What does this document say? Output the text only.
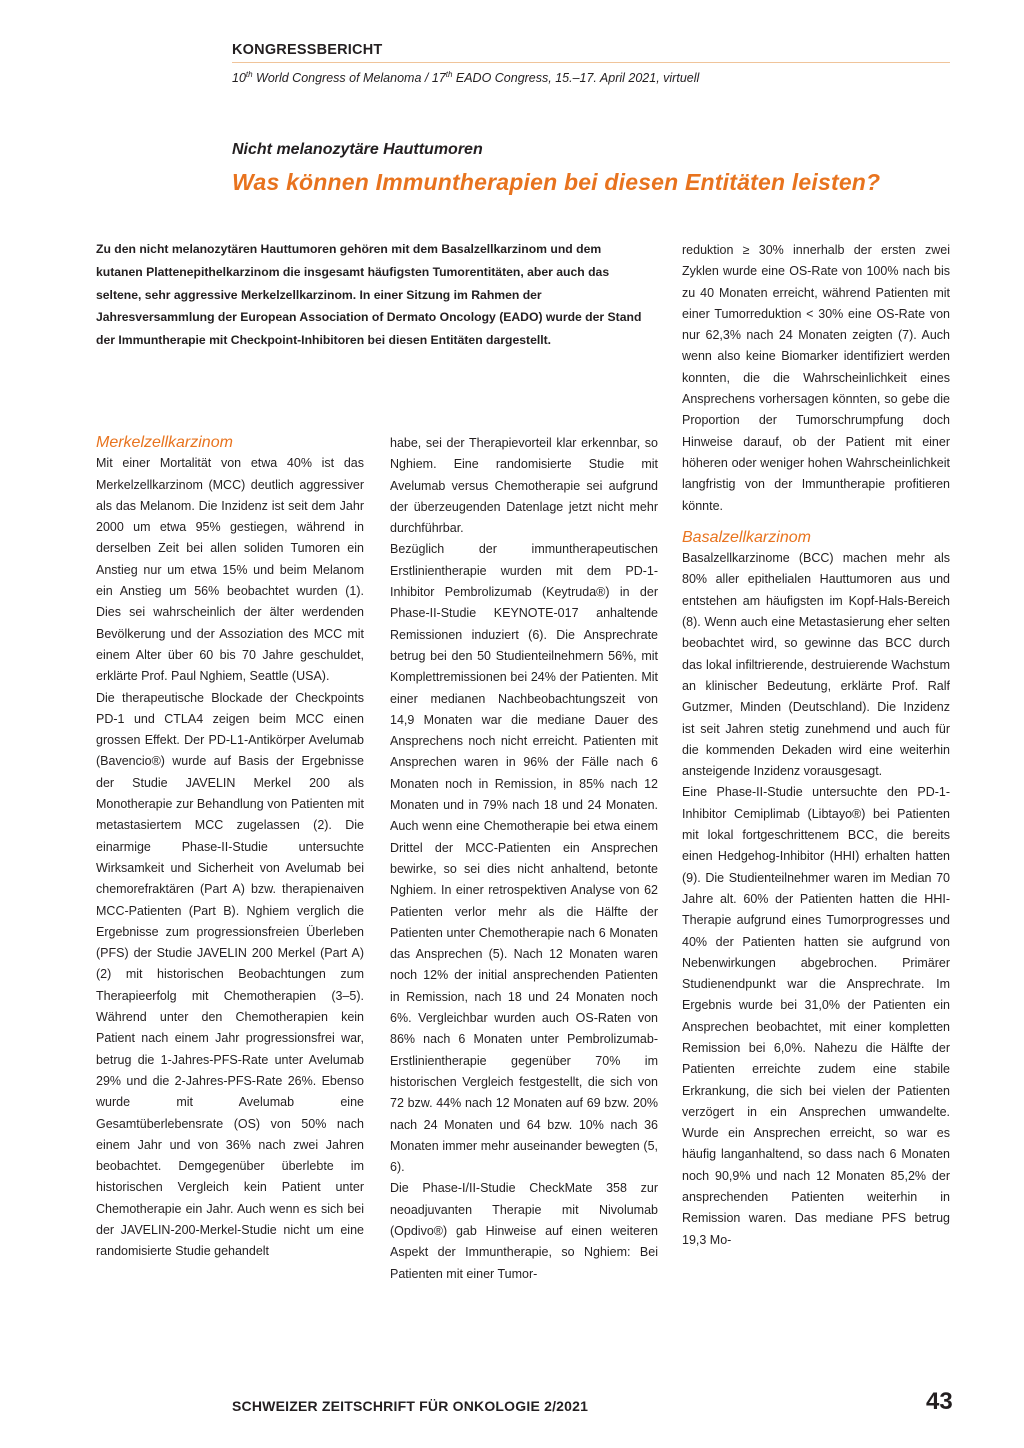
KONGRESSBERICHT
10th World Congress of Melanoma / 17th EADO Congress, 15.–17. April 2021, virtuell
Nicht melanozytäre Hauttumoren
Was können Immuntherapien bei diesen Entitäten leisten?

Zu den nicht melanozytären Hauttumoren gehören mit dem Basalzellkarzinom und dem kutanen Plattenepithelkarzinom die insgesamt häufigsten Tumorentitäten, aber auch das seltene, sehr aggressive Merkelzellkarzinom. In einer Sitzung im Rahmen der Jahresversammlung der European Association of Dermato Oncology (EADO) wurde der Stand der Immuntherapie mit Checkpoint-Inhibitoren bei diesen Entitäten dargestellt.

Merkelzellkarzinom

Mit einer Mortalität von etwa 40% ist das Merkelzellkarzinom (MCC) deutlich aggressiver als das Melanom. Die Inzidenz ist seit dem Jahr 2000 um etwa 95% gestiegen, während in derselben Zeit bei allen soliden Tumoren ein Anstieg nur um etwa 15% und beim Melanom ein Anstieg um 56% beobachtet wurden (1). Dies sei wahrscheinlich der älter werdenden Bevölkerung und der Assoziation des MCC mit einem Alter über 60 bis 70 Jahre geschuldet, erklärte Prof. Paul Nghiem, Seattle (USA).

Die therapeutische Blockade der Checkpoints PD-1 und CTLA4 zeigen beim MCC einen grossen Effekt. Der PD-L1-Antikörper Avelumab (Bavencio®) wurde auf Basis der Ergebnisse der Studie JAVELIN Merkel 200 als Monotherapie zur Behandlung von Patienten mit metastasiertem MCC zugelassen (2). Die einarmige Phase-II-Studie untersuchte Wirksamkeit und Sicherheit von Avelumab bei chemorefraktären (Part A) bzw. therapienaiven MCC-Patienten (Part B). Nghiem verglich die Ergebnisse zum progressionsfreien Überleben (PFS) der Studie JAVELIN 200 Merkel (Part A) (2) mit historischen Beobachtungen zum Therapieerfolg mit Chemotherapien (3–5). Während unter den Chemotherapien kein Patient nach einem Jahr progressionsfrei war, betrug die 1-Jahres-PFS-Rate unter Avelumab 29% und die 2-Jahres-PFS-Rate 26%. Ebenso wurde mit Avelumab eine Gesamtüberlebensrate (OS) von 50% nach einem Jahr und von 36% nach zwei Jahren beobachtet. Demgegenüber überlebte im historischen Vergleich kein Patient unter Chemotherapie ein Jahr. Auch wenn es sich bei der JAVELIN-200-Merkel-Studie nicht um eine randomisierte Studie gehandelt

habe, sei der Therapievorteil klar erkennbar, so Nghiem. Eine randomisierte Studie mit Avelumab versus Chemotherapie sei aufgrund der überzeugenden Datenlage jetzt nicht mehr durchführbar.

Bezüglich der immuntherapeutischen Erstlinientherapie wurden mit dem PD-1-Inhibitor Pembrolizumab (Keytruda®) in der Phase-II-Studie KEYNOTE-017 anhaltende Remissionen induziert (6). Die Ansprechrate betrug bei den 50 Studienteilnehmern 56%, mit Komplettremissionen bei 24% der Patienten. Mit einer medianen Nachbeobachtungszeit von 14,9 Monaten war die mediane Dauer des Ansprechens noch nicht erreicht. Patienten mit Ansprechen waren in 96% der Fälle nach 6 Monaten noch in Remission, in 85% nach 12 Monaten und in 79% nach 18 und 24 Monaten. Auch wenn eine Chemotherapie bei etwa einem Drittel der MCC-Patienten ein Ansprechen bewirke, so sei dies nicht anhaltend, betonte Nghiem. In einer retrospektiven Analyse von 62 Patienten verlor mehr als die Hälfte der Patienten unter Chemotherapie nach 6 Monaten das Ansprechen (5). Nach 12 Monaten waren noch 12% der initial ansprechenden Patienten in Remission, nach 18 und 24 Monaten noch 6%. Vergleichbar wurden auch OS-Raten von 86% nach 6 Monaten unter Pembrolizumab-Erstlinientherapie gegenüber 70% im historischen Vergleich festgestellt, die sich von 72 bzw. 44% nach 12 Monaten auf 69 bzw. 20% nach 24 Monaten und 64 bzw. 10% nach 36 Monaten immer mehr auseinander bewegten (5, 6).

Die Phase-I/II-Studie CheckMate 358 zur neoadjuvanten Therapie mit Nivolumab (Opdivo®) gab Hinweise auf einen weiteren Aspekt der Immuntherapie, so Nghiem: Bei Patienten mit einer Tumor-

reduktion ≥ 30% innerhalb der ersten zwei Zyklen wurde eine OS-Rate von 100% nach bis zu 40 Monaten erreicht, während Patienten mit einer Tumorreduktion < 30% eine OS-Rate von nur 62,3% nach 24 Monaten zeigten (7). Auch wenn also keine Biomarker identifiziert werden konnten, die die Wahrscheinlichkeit eines Ansprechens vorhersagen könnten, so gebe die Proportion der Tumorschrumpfung doch Hinweise darauf, ob der Patient mit einer höheren oder weniger hohen Wahrscheinlichkeit langfristig von der Immuntherapie profitieren könnte.

Basalzellkarzinom

Basalzellkarzinome (BCC) machen mehr als 80% aller epithelialen Hauttumoren aus und entstehen am häufigsten im Kopf-Hals-Bereich (8). Wenn auch eine Metastasierung eher selten beobachtet wird, so gewinne das BCC durch das lokal infiltrierende, destruierende Wachstum an klinischer Bedeutung, erklärte Prof. Ralf Gutzmer, Minden (Deutschland). Die Inzidenz ist seit Jahren stetig zunehmend und auch für die kommenden Dekaden wird eine weiterhin ansteigende Inzidenz vorausgesagt.

Eine Phase-II-Studie untersuchte den PD-1-Inhibitor Cemiplimab (Libtayo®) bei Patienten mit lokal fortgeschrittenem BCC, die bereits einen Hedgehog-Inhibitor (HHI) erhalten hatten (9). Die Studienteilnehmer waren im Median 70 Jahre alt. 60% der Patienten hatten die HHI-Therapie aufgrund eines Tumorprogresses und 40% der Patienten hatten sie aufgrund von Nebenwirkungen abgebrochen. Primärer Studienendpunkt war die Ansprechrate. Im Ergebnis wurde bei 31,0% der Patienten ein Ansprechen beobachtet, mit einer kompletten Remission bei 6,0%. Nahezu die Hälfte der Patienten erreichte zudem eine stabile Erkrankung, die sich bei vielen der Patienten verzögert in ein Ansprechen umwandelte. Wurde ein Ansprechen erreicht, so war es häufig langanhaltend, so dass nach 6 Monaten noch 90,9% und nach 12 Monaten 85,2% der ansprechenden Patienten weiterhin in Remission waren. Das mediane PFS betrug 19,3 Mo-

SCHWEIZER ZEITSCHRIFT FÜR ONKOLOGIE 2/2021	43
